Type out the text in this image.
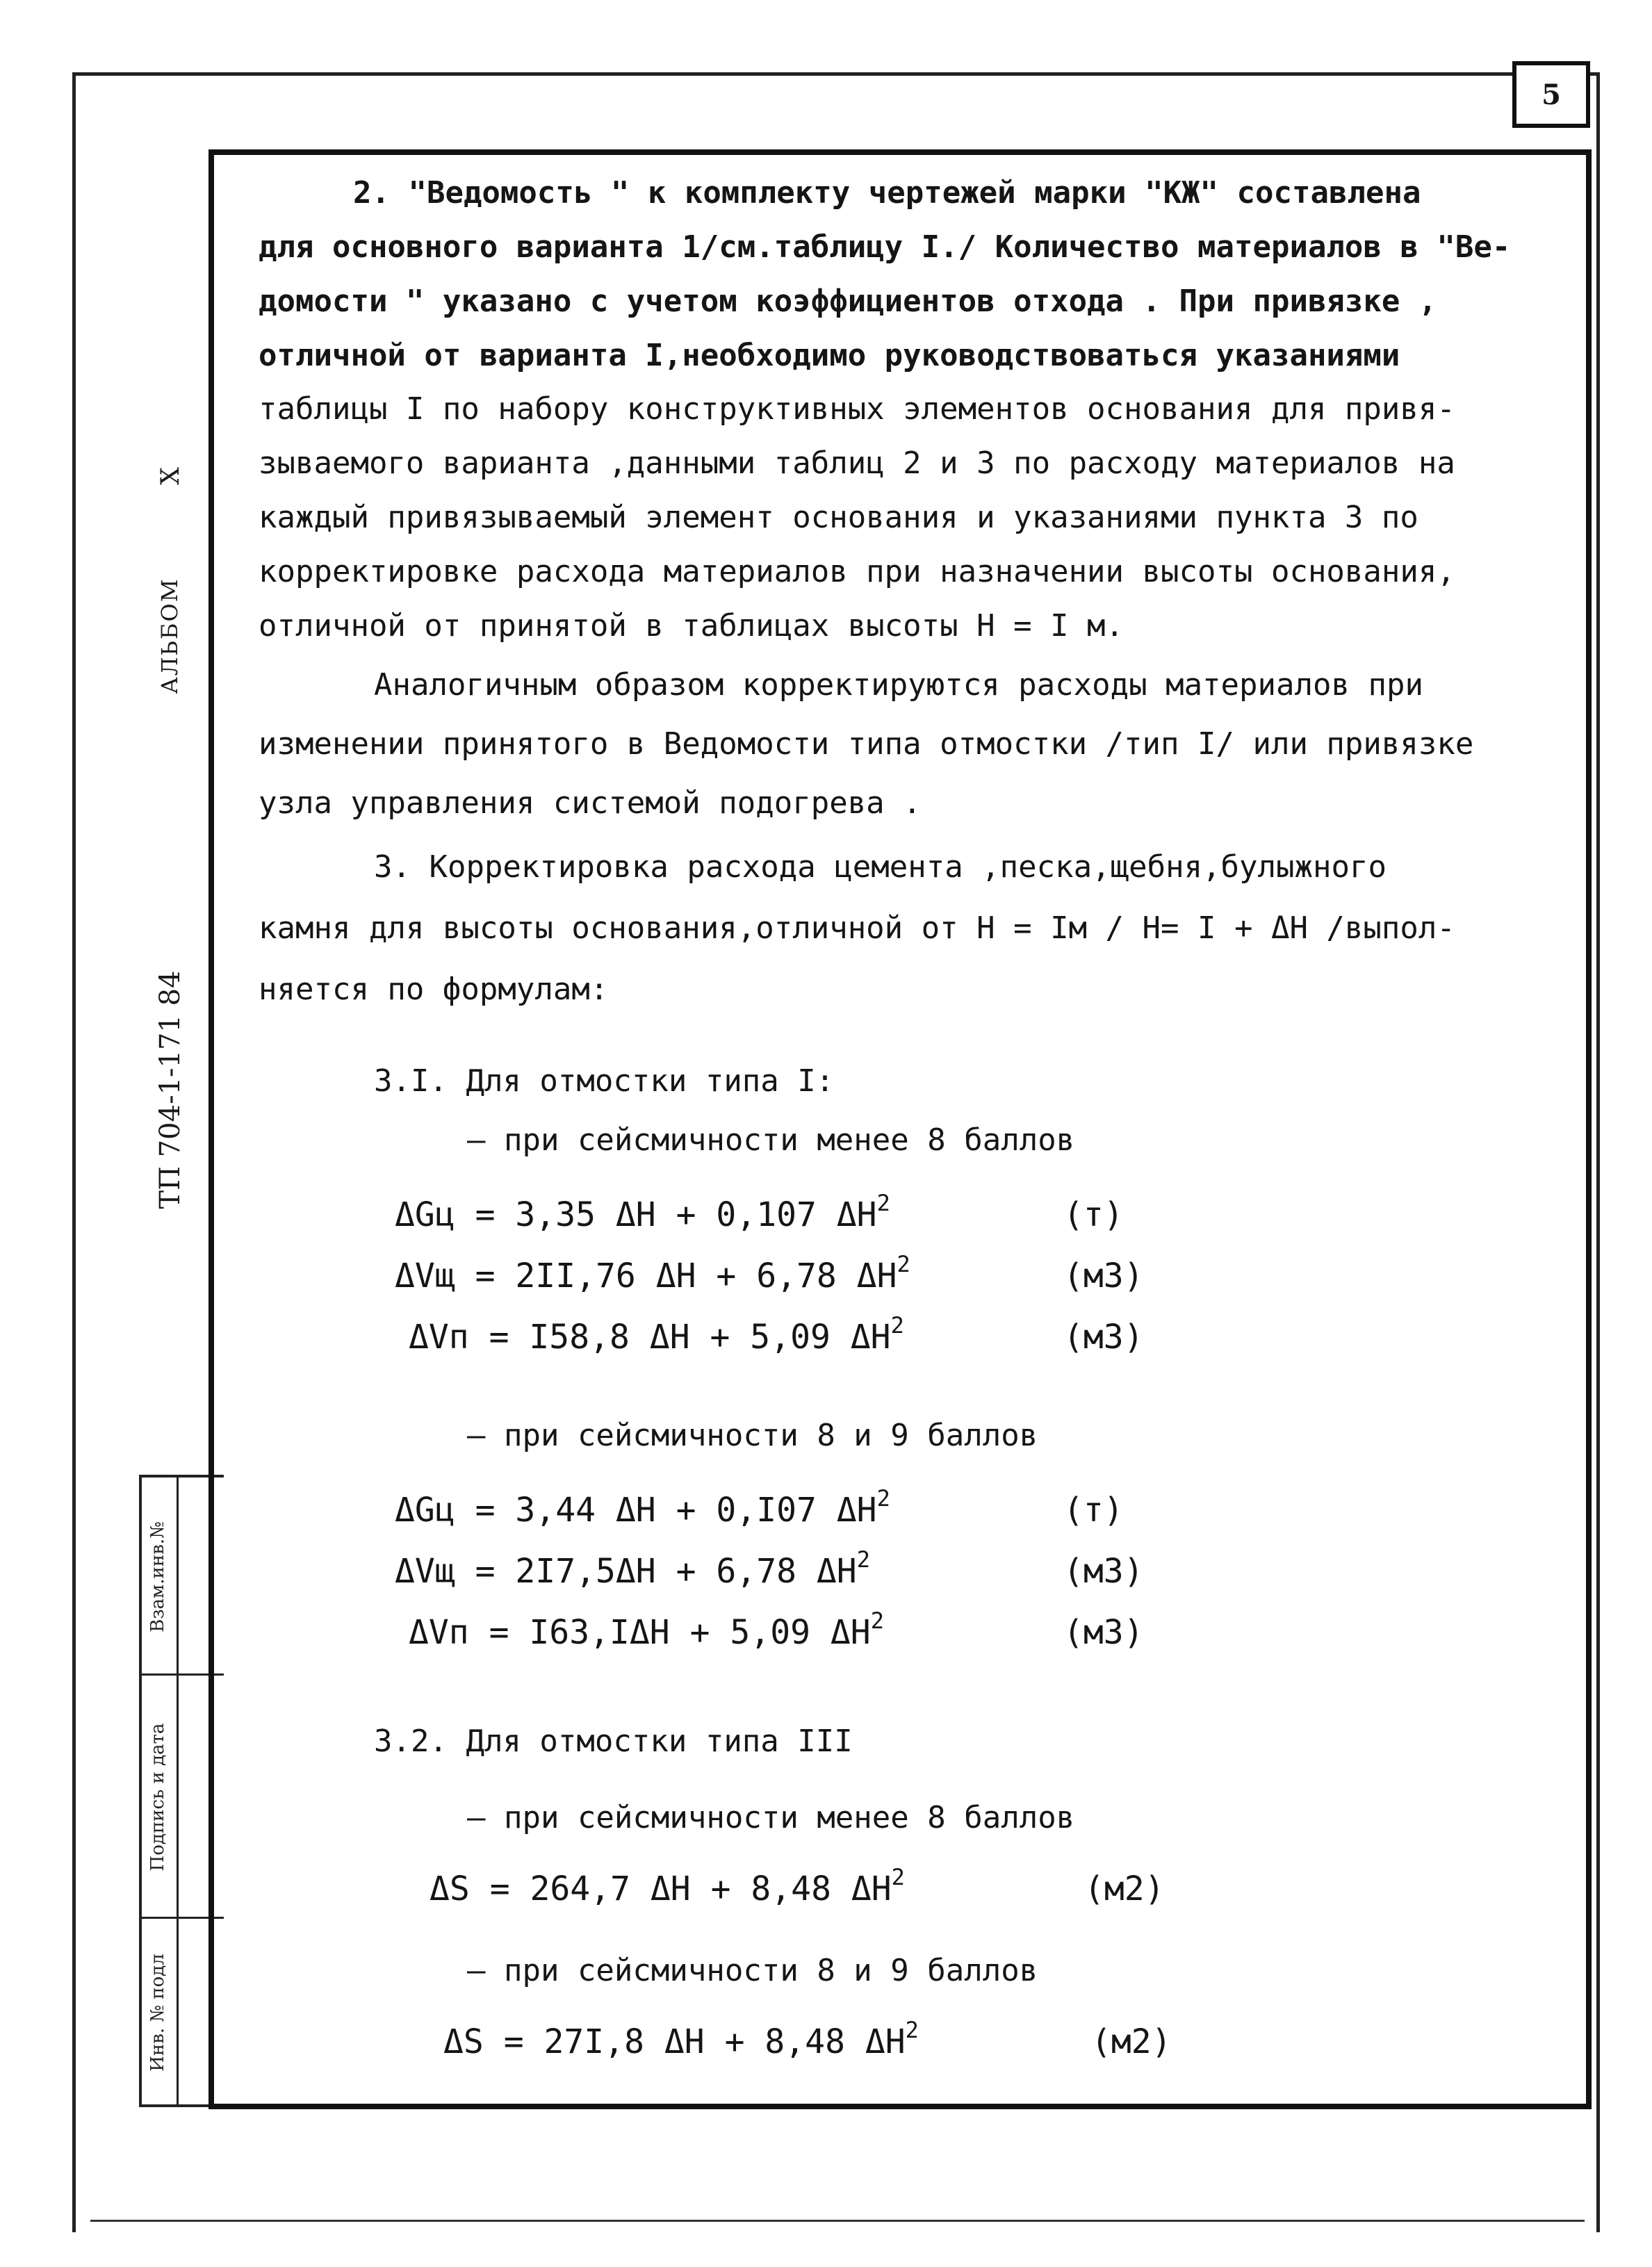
5
X
АЛЬБОМ
ТП 704-1-171 84
Взам.инв.№
Подпись и дата
Инв. № подл
2. "Ведомость " к комплекту чертежей марки "КЖ" составлена
для основного варианта 1/см.таблицу I./ Количество материалов в "Ве-
домости " указано с учетом коэффициентов отхода . При привязке ,
отличной от варианта I,необходимо руководствоваться указаниями
таблицы I по набору конструктивных элементов основания для привя-
зываемого варианта ,данными таблиц 2 и 3 по расходу материалов на
каждый привязываемый элемент основания и указаниями пункта 3 по
корректировке расхода материалов при назначении высоты основания,
отличной от принятой в таблицах высоты H = I м.
Аналогичным образом корректируются расходы материалов при
изменении принятого в Ведомости типа отмостки /тип I/ или привязке
узла управления системой подогрева .
3. Корректировка расхода цемента ,песка,щебня,булыжного
камня для высоты основания,отличной от H = Iм / H= I + ΔH /выпол-
няется по формулам:
3.I. Для отмостки типа I:
– при сейсмичности менее 8 баллов
ΔGц = 3,35 ΔH + 0,107 $\Delta H^2$	(т)
ΔVщ = 2II,76 ΔH + 6,78 $\Delta H^2$	(м3)
ΔVп = I58,8 ΔH + 5,09 $\Delta H^2$	(м3)
– при сейсмичности 8 и 9 баллов
ΔGц = 3,44 ΔH + 0,I07 $\Delta H^2$	(т)
ΔVщ = 2I7,5ΔH + 6,78 $\Delta H^2$	(м3)
ΔVп = I63,IΔH + 5,09 $\Delta H^2$	(м3)
3.2. Для отмостки типа III
– при сейсмичности менее 8 баллов
ΔS = 264,7 ΔH + 8,48 $\Delta H^2$	(м2)
– при сейсмичности 8 и 9 баллов
ΔS = 27I,8 ΔH + 8,48 $\Delta H^2$	(м2)
